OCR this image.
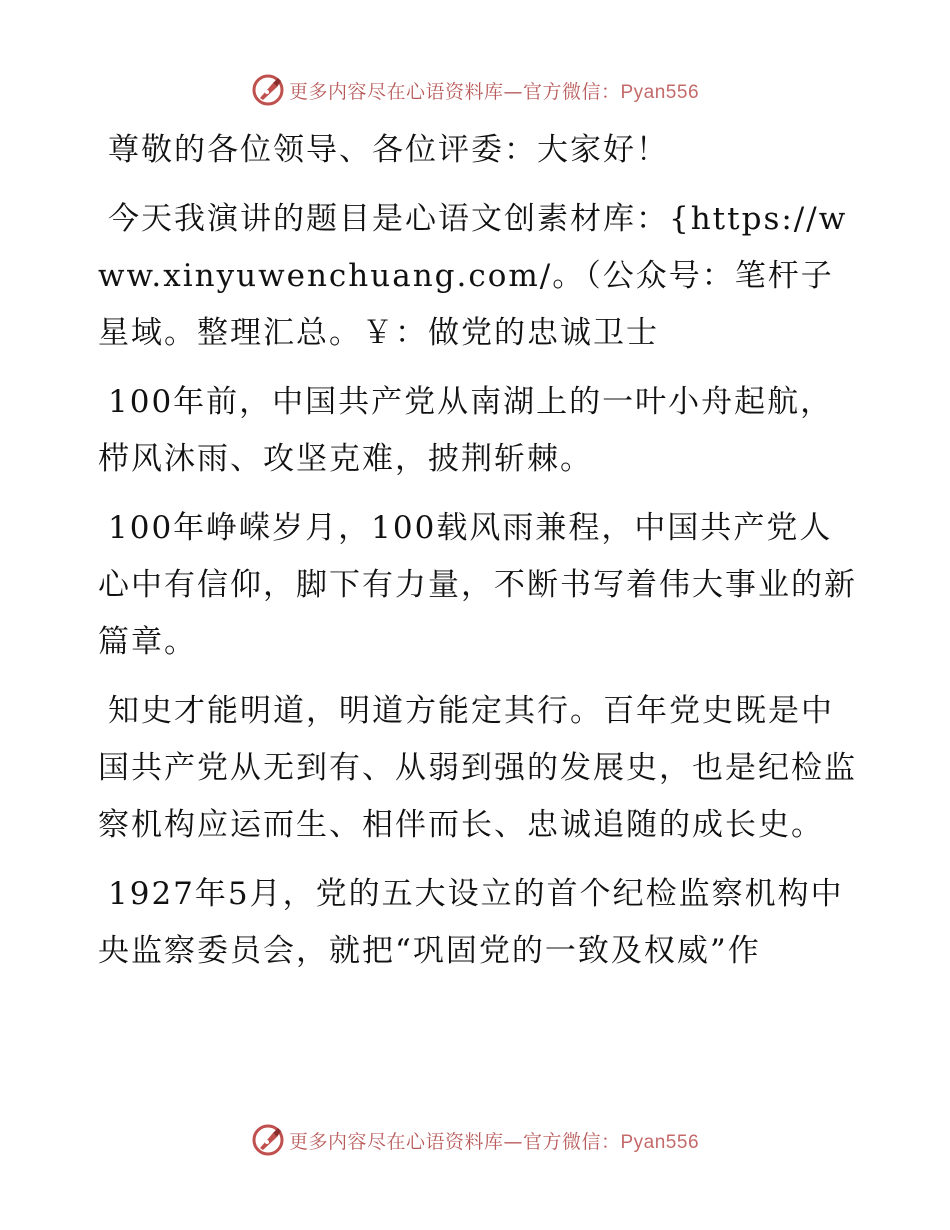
更多内容尽在心语资料库—官方微信：Pyan556

尊敬的各位领导、各位评委：大家好！

今天我演讲的题目是心语文创素材库：{https://www.xinyuwenchuang.com/。（公众号：笔杆子星域。整理汇总。￥：做党的忠诚卫士

100年前，中国共产党从南湖上的一叶小舟起航，栉风沐雨、攻坚克难，披荆斩棘。

100年峥嵘岁月，100载风雨兼程，中国共产党人心中有信仰，脚下有力量，不断书写着伟大事业的新篇章。

知史才能明道，明道方能定其行。百年党史既是中国共产党从无到有、从弱到强的发展史，也是纪检监察机构应运而生、相伴而长、忠诚追随的成长史。

1927年5月，党的五大设立的首个纪检监察机构中央监察委员会，就把“巩固党的一致及权威”作

更多内容尽在心语资料库—官方微信：Pyan556
